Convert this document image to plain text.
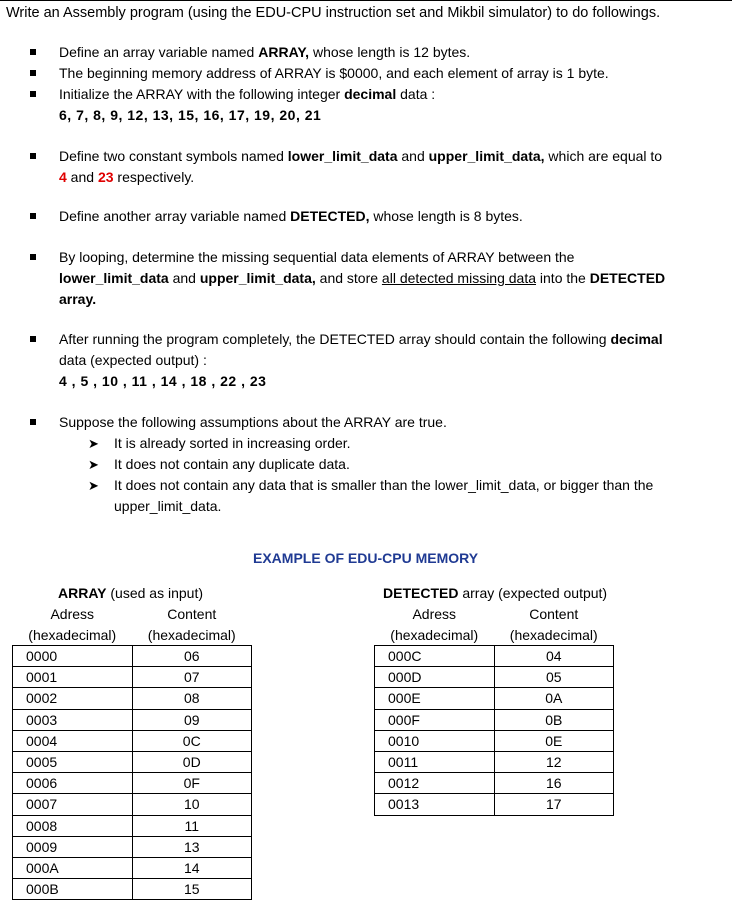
Write an Assembly program (using the EDU-CPU instruction set and Mikbil simulator) to do followings.
Define an array variable named ARRAY, whose length is 12 bytes.
The beginning memory address of ARRAY is $0000, and each element of array is 1 byte.
Initialize the ARRAY with the following integer decimal data :
6, 7, 8, 9, 12, 13, 15, 16, 17, 19, 20, 21
Define two constant symbols named lower_limit_data and upper_limit_data, which are equal to
4 and 23 respectively.
Define another array variable named DETECTED, whose length is 8 bytes.
By looping, determine the missing sequential data elements of ARRAY between the
lower_limit_data and upper_limit_data, and store all detected missing data into the DETECTED
array.
After running the program completely, the DETECTED array should contain the following decimal
data (expected output) :
4 , 5 , 10 , 11 , 14 , 18 , 22 , 23
Suppose the following assumptions about the ARRAY are true.
➤ It is already sorted in increasing order.
➤ It does not contain any duplicate data.
➤ It does not contain any data that is smaller than the lower_limit_data, or bigger than the
upper_limit_data.
EXAMPLE OF EDU-CPU MEMORY
ARRAY (used as input)
Adress	Content
(hexadecimal)	(hexadecimal)
0000	06
0001	07
0002	08
0003	09
0004	0C
0005	0D
0006	0F
0007	10
0008	11
0009	13
000A	14
000B	15
DETECTED array (expected output)
Adress	Content
(hexadecimal)	(hexadecimal)
000C	04
000D	05
000E	0A
000F	0B
0010	0E
0011	12
0012	16
0013	17
